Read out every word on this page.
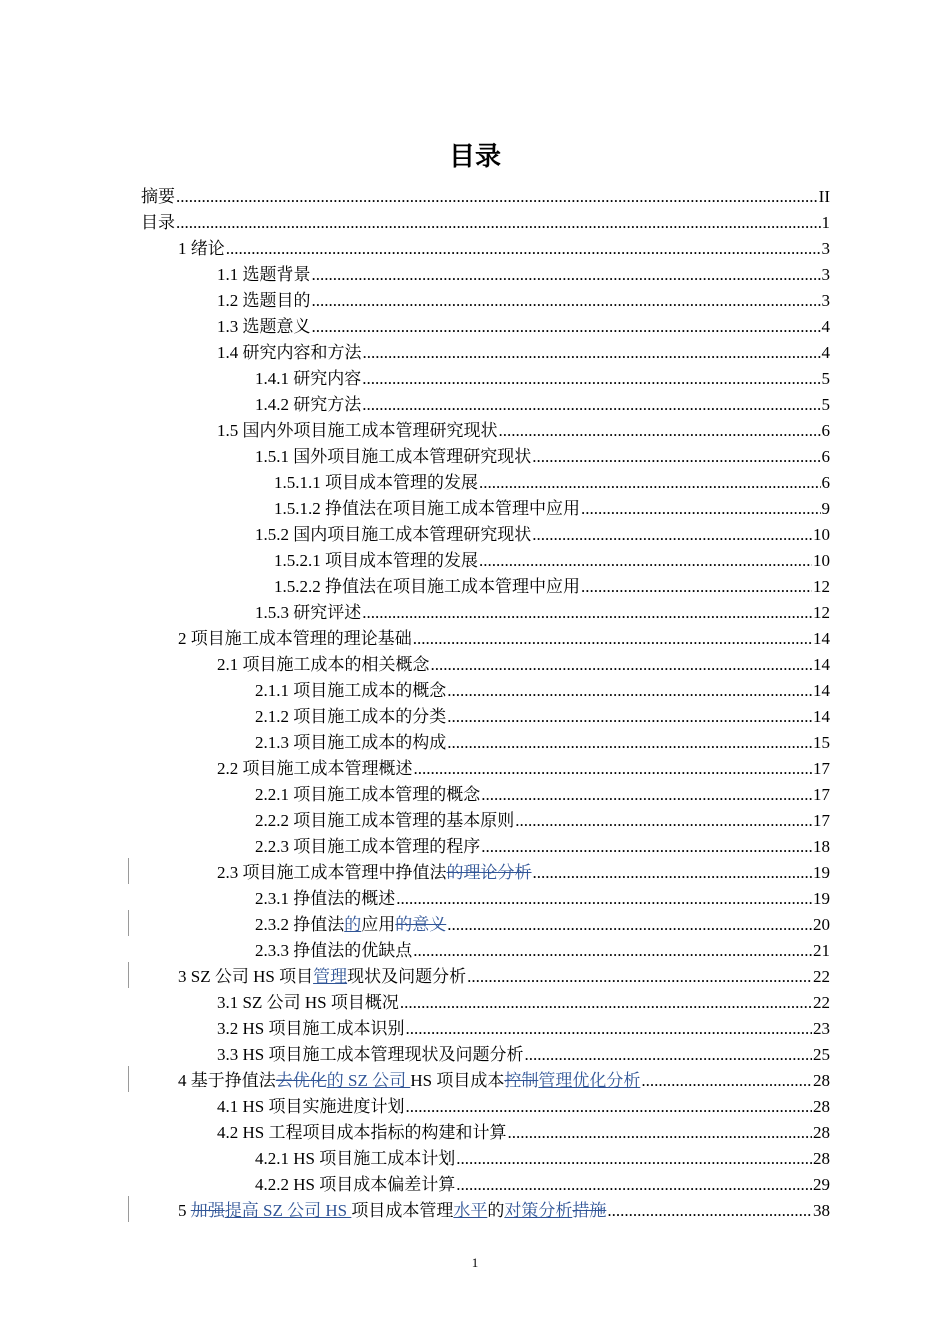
目录
摘要 .....	II
目录 .....	1
1 绪论 .....	3
1.1 选题背景 .....	3
1.2 选题目的 .....	3
1.3 选题意义 .....	4
1.4 研究内容和方法 .....	4
1.4.1 研究内容 .....	5
1.4.2 研究方法 .....	5
1.5 国内外项目施工成本管理研究现状 .....	6
1.5.1 国外项目施工成本管理研究现状 .....	6
1.5.1.1 项目成本管理的发展 .....	6
1.5.1.2 挣值法在项目施工成本管理中应用 .....	9
1.5.2 国内项目施工成本管理研究现状 .....	10
1.5.2.1 项目成本管理的发展 .....	10
1.5.2.2 挣值法在项目施工成本管理中应用 .....	12
1.5.3 研究评述 .....	12
2 项目施工成本管理的理论基础 .....	14
2.1 项目施工成本的相关概念 .....	14
2.1.1 项目施工成本的概念 .....	14
2.1.2 项目施工成本的分类 .....	14
2.1.3 项目施工成本的构成 .....	15
2.2 项目施工成本管理概述 .....	17
2.2.1 项目施工成本管理的概念 .....	17
2.2.2 项目施工成本管理的基本原则 .....	17
2.2.3 项目施工成本管理的程序 .....	18
2.3 项目施工成本管理中挣值法的理论分析 .....	19
2.3.1 挣值法的概述 .....	19
2.3.2 挣值法的应用的意义 .....	20
2.3.3 挣值法的优缺点 .....	21
3 SZ 公司 HS 项目管理现状及问题分析 .....	22
3.1 SZ 公司 HS 项目概况 .....	22
3.2 HS 项目施工成本识别 .....	23
3.3 HS 项目施工成本管理现状及问题分析 .....	25
4 基于挣值法去优化的 SZ 公司 HS 项目成本控制管理优化分析 .....	28
4.1 HS 项目实施进度计划 .....	28
4.2 HS 工程项目成本指标的构建和计算 .....	28
4.2.1 HS 项目施工成本计划 .....	28
4.2.2 HS 项目成本偏差计算 .....	29
5 加强提高 SZ 公司 HS 项目成本管理水平的对策分析措施 .....	38
1
